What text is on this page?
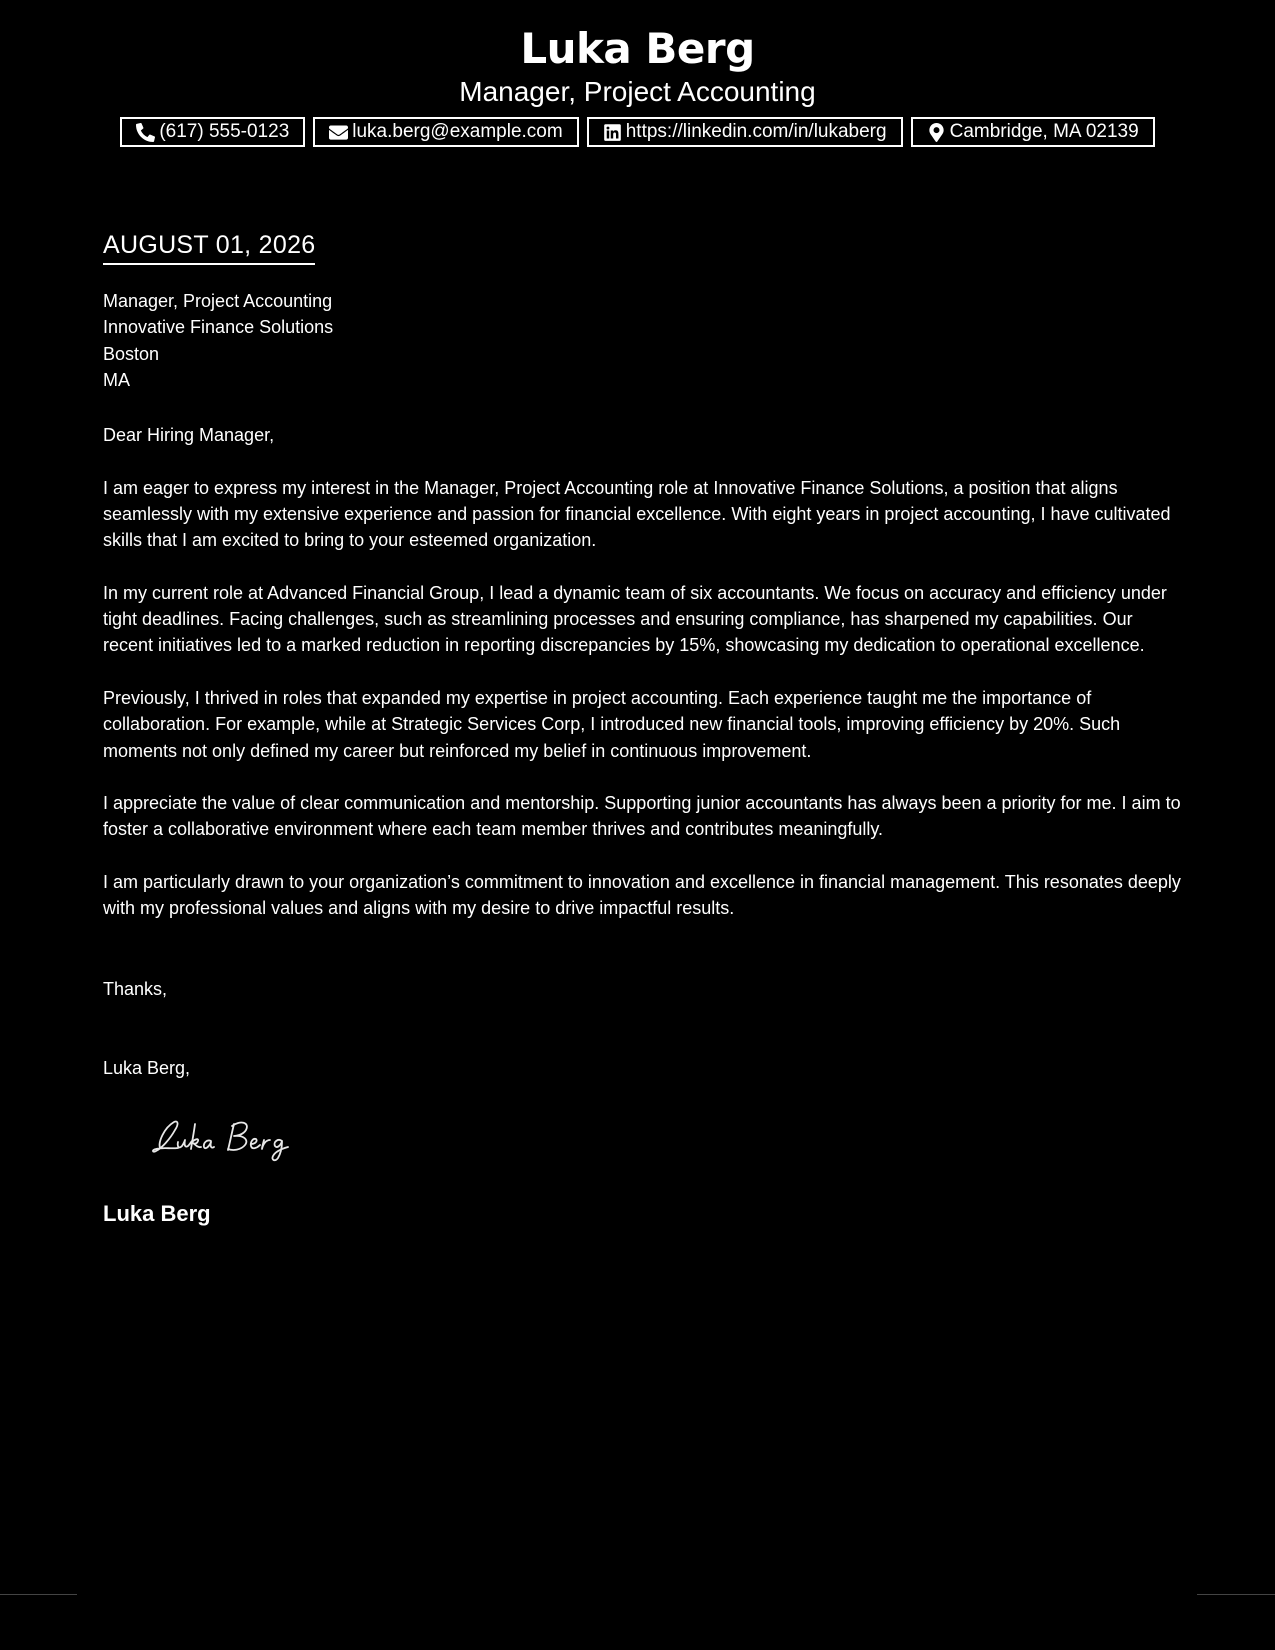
Luka Berg
Manager, Project Accounting
(617) 555-0123	luka.berg@example.com	https://linkedin.com/in/lukaberg	Cambridge, MA 02139
AUGUST 01, 2026
Manager, Project Accounting
Innovative Finance Solutions
Boston
MA

Dear Hiring Manager,

I am eager to express my interest in the Manager, Project Accounting role at Innovative Finance Solutions, a position that aligns seamlessly with my extensive experience and passion for financial excellence. With eight years in project accounting, I have cultivated skills that I am excited to bring to your esteemed organization.

In my current role at Advanced Financial Group, I lead a dynamic team of six accountants. We focus on accuracy and efficiency under tight deadlines. Facing challenges, such as streamlining processes and ensuring compliance, has sharpened my capabilities. Our recent initiatives led to a marked reduction in reporting discrepancies by 15%, showcasing my dedication to operational excellence.

Previously, I thrived in roles that expanded my expertise in project accounting. Each experience taught me the importance of collaboration. For example, while at Strategic Services Corp, I introduced new financial tools, improving efficiency by 20%. Such moments not only defined my career but reinforced my belief in continuous improvement.

I appreciate the value of clear communication and mentorship. Supporting junior accountants has always been a priority for me. I aim to foster a collaborative environment where each team member thrives and contributes meaningfully.

I am particularly drawn to your organization’s commitment to innovation and excellence in financial management. This resonates deeply with my professional values and aligns with my desire to drive impactful results.

Thanks,
Luka Berg,
Luka Berg
